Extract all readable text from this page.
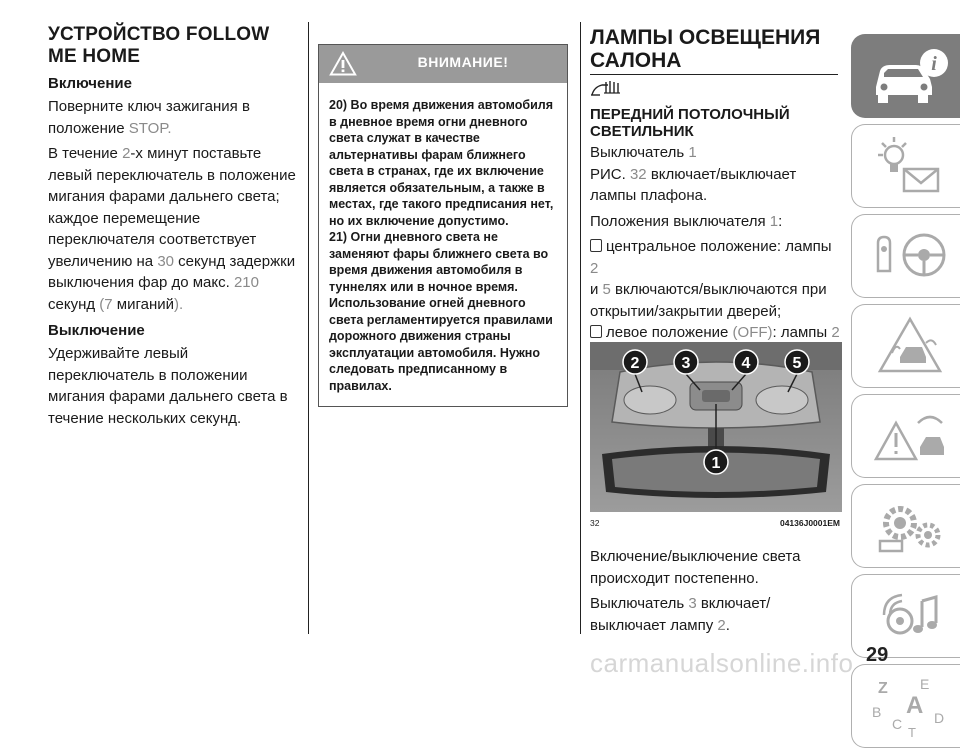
УСТРОЙСТВО FOLLOW ME HOME
Включение

Поверните ключ зажигания в положение STOP.

В течение 2-х минут поставьте левый переключатель в положение мигания фарами дальнего света; каждое перемещение переключателя соответствует увеличению на 30 секунд задержки выключения фар до макс. 210 секунд (7 миганий).

Выключение

Удерживайте левый переключатель в положении мигания фарами дальнего света в течение нескольких секунд.

ВНИМАНИЕ!
20) Во время движения автомобиля
в дневное время огни дневного
света служат в качестве
альтернативы фарам ближнего
света в странах, где их включение
является обязательным, а также в
местах, где такого предписания нет,
но их включение допустимо.
21) Огни дневного света не
заменяют фары ближнего света во
время движения автомобиля в
туннелях или в ночное время.
Использование огней дневного
света регламентируется правилами
дорожного движения страны
эксплуатации автомобиля. Нужно
следовать предписанному в
правилах.
ЛАМПЫ ОСВЕЩЕНИЯ
САЛОНА
ПЕРЕДНИЙ ПОТОЛОЧНЫЙ
СВЕТИЛЬНИК

Выключатель 1
РИС. 32 включает/выключает лампы плафона.

Положения выключателя 1:

центральное положение: лампы 2
и 5 включаются/выключаются при открытии/закрытии дверей;
левое положение (OFF): лампы 2

2	3	4	5
1
32	04136J0001EM

Включение/выключение света происходит постепенно.

Выключатель 3 включает/ выключает лампу 2.

i
Z E
B A
C D
T
carmanualsonline.info 29
